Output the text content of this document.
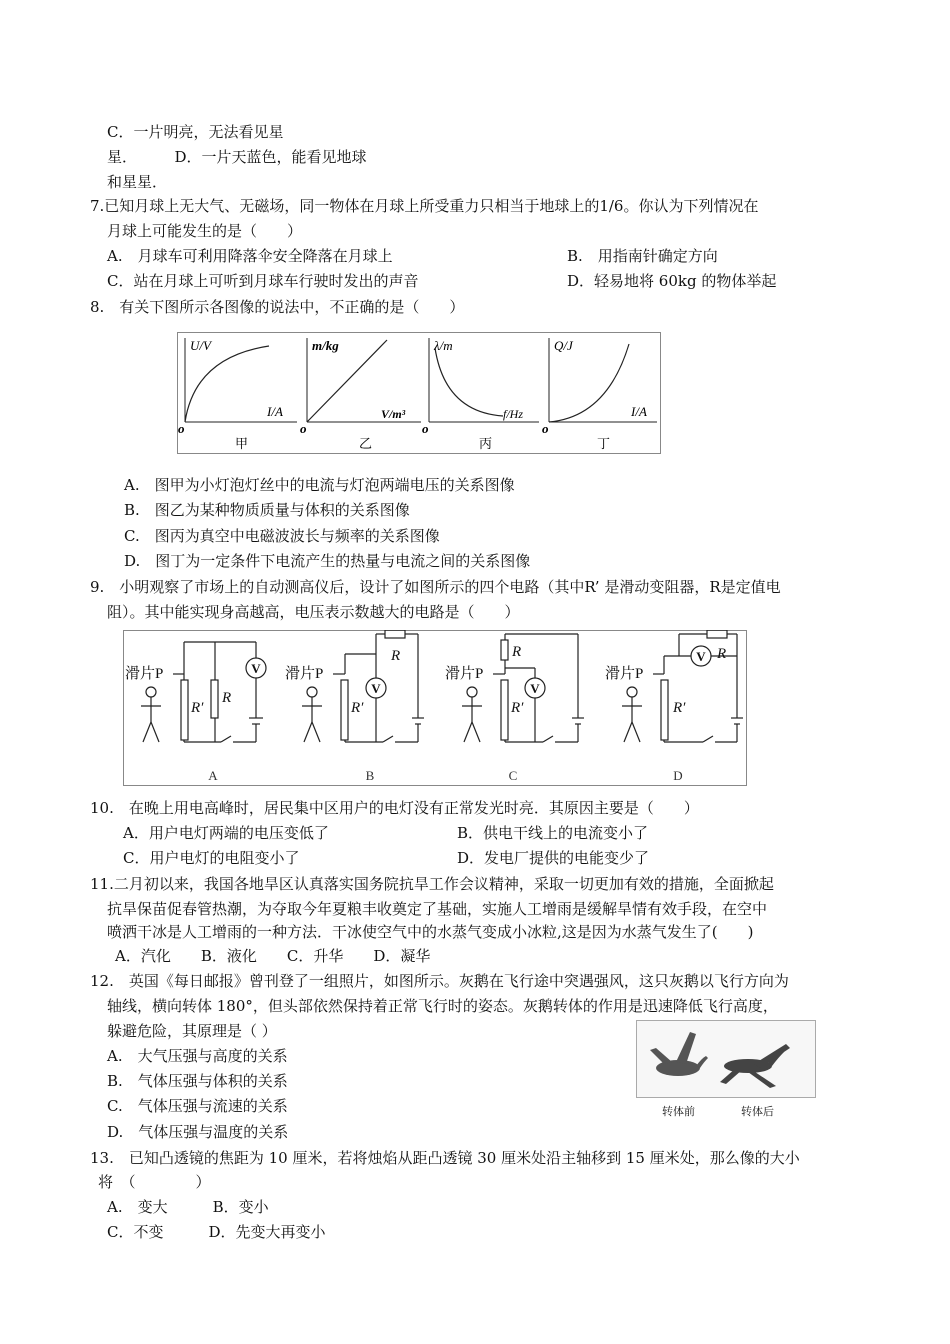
C．一片明亮，无法看见星
星．　　　D．一片天蓝色，能看见地球
和星星．
7.已知月球上无大气、无磁场，同一物体在月球上所受重力只相当于地球上的1/6。你认为下列情况在
月球上可能发生的是（　　）
A.　月球车可利用降落伞安全降落在月球上	B.　用指南针确定方向
C．站在月球上可听到月球车行驶时发出的声音	D．轻易地将 60kg 的物体举起
8.　有关下图所示各图像的说法中，不正确的是（　　）
U/V
I/A
o
甲
m/kg
V/m³
o
乙
λ/m
f/Hz
o
丙
Q/J
I/A
o
丁
A.　图甲为小灯泡灯丝中的电流与灯泡两端电压的关系图像
B.　图乙为某种物质质量与体积的关系图像
C.　图丙为真空中电磁波波长与频率的关系图像
D.　图丁为一定条件下电流产生的热量与电流之间的关系图像
9.　小明观察了市场上的自动测高仪后，设计了如图所示的四个电路（其中R’ 是滑动变阻器，R是定值电
阻）。其中能实现身高越高，电压表示数越大的电路是（　　）
滑片P	滑片P	滑片P	滑片P
R′
R
R′
R
R′
R
R′
R
V
V	V
V
A	B	C	D
10.　在晚上用电高峰时，居民集中区用户的电灯没有正常发光时亮．其原因主要是（　　）
A．用户电灯两端的电压变低了	B．供电干线上的电流变小了
C．用户电灯的电阻变小了	D．发电厂提供的电能变少了
11.二月初以来，我国各地旱区认真落实国务院抗旱工作会议精神，采取一切更加有效的措施，全面掀起
抗旱保苗促春管热潮，为夺取今年夏粮丰收奠定了基础，实施人工增雨是缓解旱情有效手段，在空中
喷洒干冰是人工增雨的一种方法．干冰使空气中的水蒸气变成小冰粒,这是因为水蒸气发生了(　　)
A．汽化　　B．液化　　C．升华　　D．凝华
12.　英国《每日邮报》曾刊登了一组照片，如图所示。灰鹅在飞行途中突遇强风，这只灰鹅以飞行方向为
轴线，横向转体 180°，但头部依然保持着正常飞行时的姿态。灰鹅转体的作用是迅速降低飞行高度，
躲避危险，其原理是（ ）
A.　大气压强与高度的关系
B.　气体压强与体积的关系
C.　气体压强与流速的关系
D.　气体压强与温度的关系
转体前	转体后
13.　已知凸透镜的焦距为 10 厘米，若将烛焰从距凸透镜 30 厘米处沿主轴移到 15 厘米处，那么像的大小
将　（　　　　）
A.　变大　　　B．变小
C．不变　　　D．先变大再变小
